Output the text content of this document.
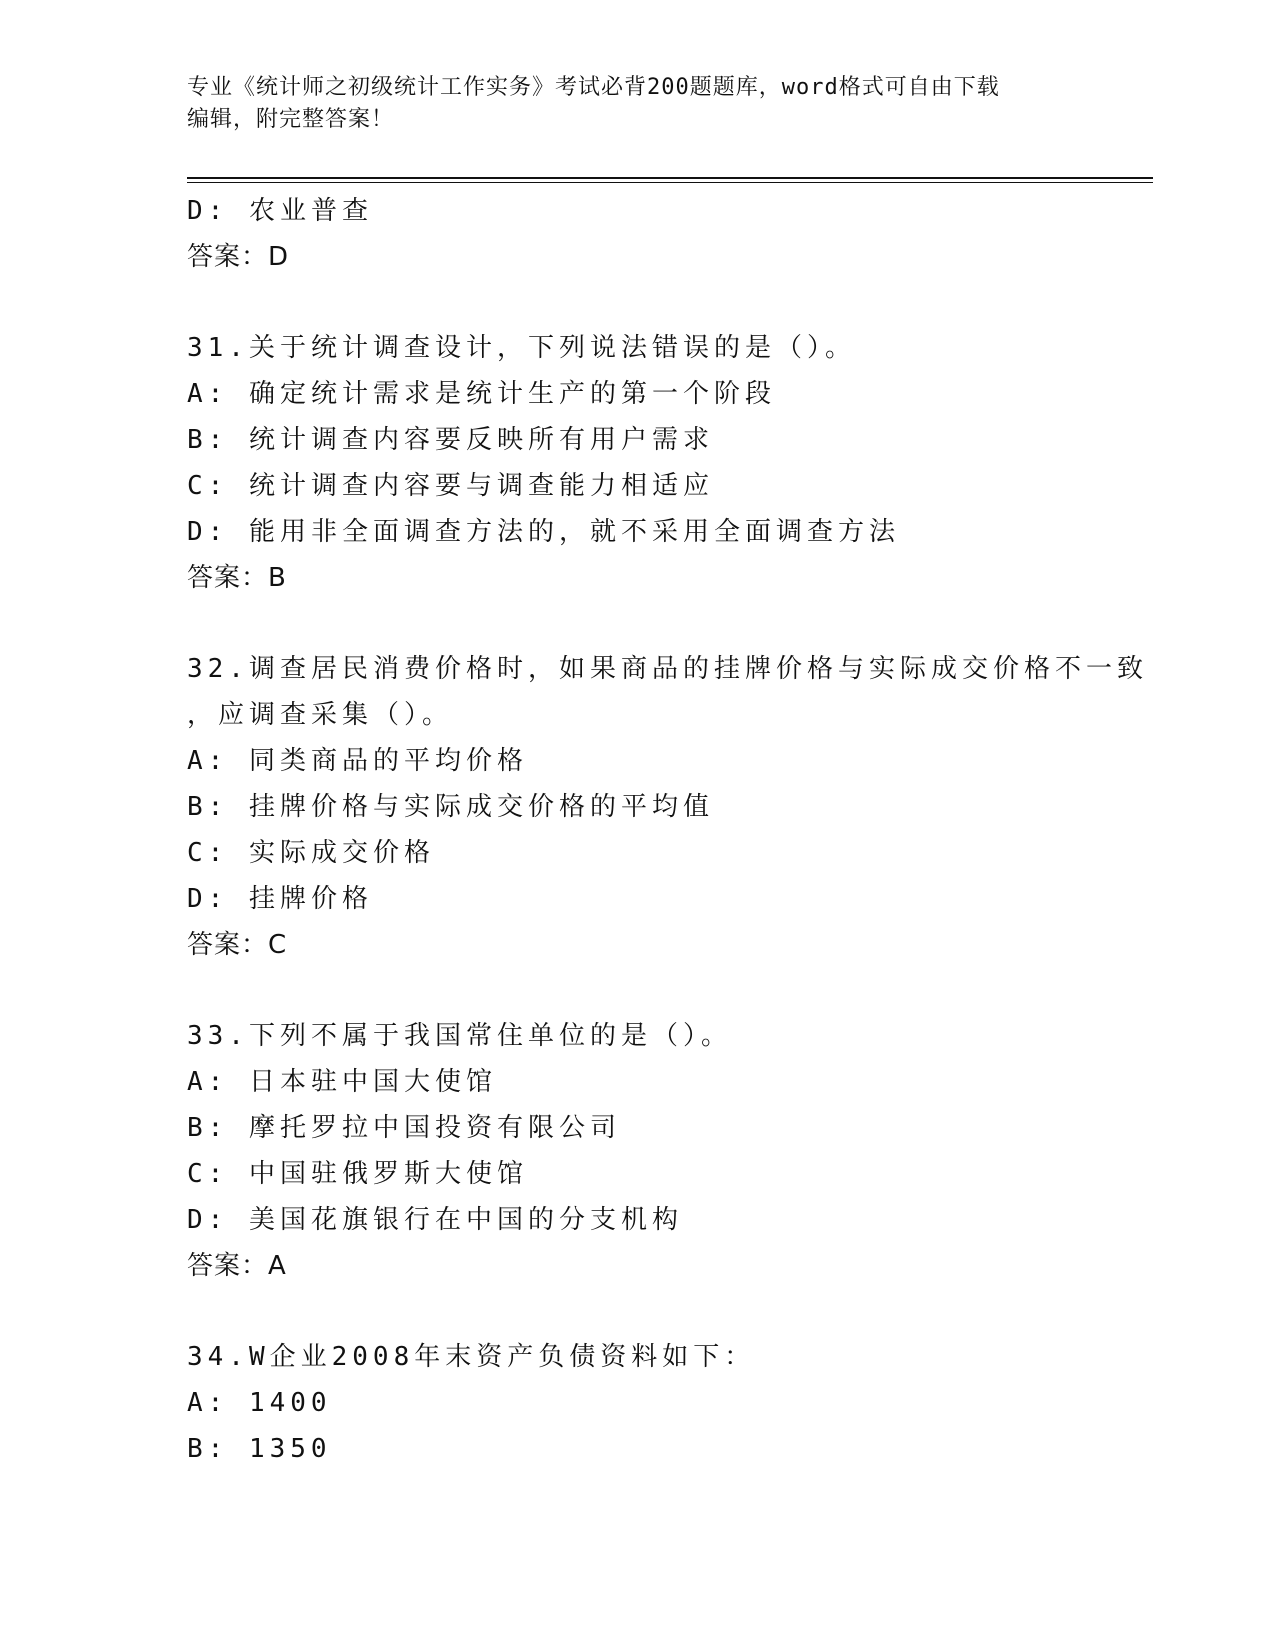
专业《统计师之初级统计工作实务》考试必背200题题库，word格式可自由下载
编辑，附完整答案！
D: 农业普查
答案：D
31.关于统计调查设计，下列说法错误的是（）。
A: 确定统计需求是统计生产的第一个阶段
B: 统计调查内容要反映所有用户需求
C: 统计调查内容要与调查能力相适应
D: 能用非全面调查方法的，就不采用全面调查方法
答案：B
32.调查居民消费价格时，如果商品的挂牌价格与实际成交价格不一致
，应调查采集（）。
A: 同类商品的平均价格
B: 挂牌价格与实际成交价格的平均值
C: 实际成交价格
D: 挂牌价格
答案：C
33.下列不属于我国常住单位的是（）。
A: 日本驻中国大使馆
B: 摩托罗拉中国投资有限公司
C: 中国驻俄罗斯大使馆
D: 美国花旗银行在中国的分支机构
答案：A
34.W企业2008年末资产负债资料如下：
A: 1400
B: 1350
